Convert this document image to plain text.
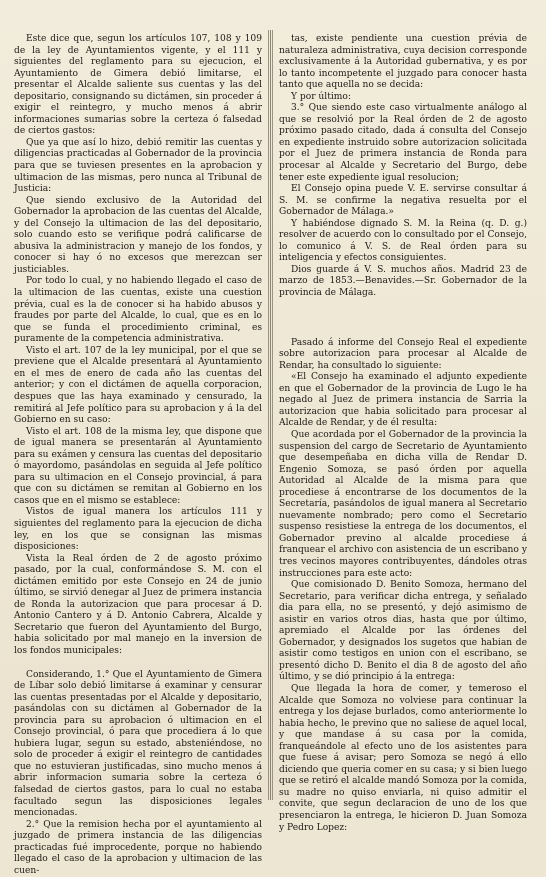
Este dice que, segun los artículos 107, 108 y 109 de la ley de Ayuntamientos vigente, y el 111 y siguientes del reglamento para su ejecucion, el Ayuntamiento de Gimera debió limitarse, el presentar el Alcalde saliente sus cuentas y las del depositario, consignando su dictámen, sin proceder á exigir el reintegro, y mucho menos á abrir informaciones sumarias sobre la certeza ó falsedad de ciertos gastos:

Que ya que así lo hizo, debió remitir las cuentas y diligencias practicadas al Gobernador de la provincia para que se tuviesen presentes en la aprobacion y ultimacion de las mismas, pero nunca al Tribunal de Justicia:

Que siendo exclusivo de la Autoridad del Gobernador la aprobacion de las cuentas del Alcalde, y del Consejo la ultimacion de las del depositario, solo cuando esto se verifique podrá calificarse de abusiva la administracion y manejo de los fondos, y conocer si hay ó no excesos que merezcan ser justiciables.

Por todo lo cual, y no habiendo llegado el caso de la ultimacion de las cuentas, existe una cuestion prévia, cual es la de conocer si ha habido abusos y fraudes por parte del Alcalde, lo cual, que es en lo que se funda el procedimiento criminal, es puramente de la competencia administrativa.

Visto el art. 107 de la ley municipal, por el que se previene que el Alcalde presentará al Ayuntamiento en el mes de enero de cada año las cuentas del anterior; y con el dictámen de aquella corporacion, despues que las haya examinado y censurado, la remitirá al Jefe político para su aprobacion y á la del Gobierno en su caso:

Visto el art. 108 de la misma ley, que dispone que de igual manera se presentarán al Ayuntamiento para su exámen y censura las cuentas del depositario ó mayordomo, pasándolas en seguida al Jefe político para su ultimacion en el Consejo provincial, á para que con su dictámen se remitan al Gobierno en los casos que en el mismo se establece:

Vistos de igual manera los artículos 111 y siguientes del reglamento para la ejecucion de dicha ley, en los que se consignan las mismas disposiciones:

Vista la Real órden de 2 de agosto próximo pasado, por la cual, conformándose S. M. con el dictámen emitido por este Consejo en 24 de junio último, se sirvió denegar al Juez de primera instancia de Ronda la autorizacion que para procesar á D. Antonio Cantero y á D. Antonio Cabrera, Alcalde y Secretario que fueron del Ayuntamiento del Burgo, habia solicitado por mal manejo en la inversion de los fondos municipales:

Considerando, 1.° Que el Ayuntamiento de Gimera de Líbar solo debió limitarse á examinar y censurar las cuentas presentadas por el Alcalde y depositario, pasándolas con su dictámen al Gobernador de la provincia para su aprobacion ó ultimacion en el Consejo provincial, ó para que procediera á lo que hubiera lugar, segun su estado, absteniéndose, no solo de proceder á exigir el reintegro de cantidades que no estuvieran justificadas, sino mucho menos á abrir informacion sumaria sobre la certeza ó falsedad de ciertos gastos, para lo cual no estaba facultado segun las disposiciones legales mencionadas.

2.° Que la remision hecha por el ayuntamiento al juzgado de primera instancia de las diligencias practicadas fué improcedente, porque no habiendo llegado el caso de la aprobacion y ultimacion de las cuen-

tas, existe pendiente una cuestion prévia de naturaleza administrativa, cuya decision corresponde exclusivamente á la Autoridad gubernativa, y es por lo tanto incompetente el juzgado para conocer hasta tanto que aquella no se decida:

Y por último:

3.° Que siendo este caso virtualmente análogo al que se resolvió por la Real órden de 2 de agosto próximo pasado citado, dada á consulta del Consejo en expediente instruido sobre autorizacion solicitada por el Juez de primera instancia de Ronda para procesar al Alcalde y Secretario del Burgo, debe tener este expediente igual resolucion;

El Consejo opina puede V. E. servirse consultar á S. M. se confirme la negativa resuelta por el Gobernador de Málaga.»

Y habiéndose dignado S. M. la Reina (q. D. g.) resolver de acuerdo con lo consultado por el Consejo, lo comunico á V. S. de Real órden para su inteligencia y efectos consiguientes.

Dios guarde á V. S. muchos años. Madrid 23 de marzo de 1853.—Benavides.—Sr. Gobernador de la provincia de Málaga.

Pasado á informe del Consejo Real el expediente sobre autorizacion para procesar al Alcalde de Rendar, ha consultado lo siguiente:

«El Consejo ha examinado el adjunto expediente en que el Gobernador de la provincia de Lugo le ha negado al Juez de primera instancia de Sarria la autorizacion que habia solicitado para procesar al Alcalde de Rendar, y de él resulta:

Que acordada por el Gobernador de la provincia la suspension del cargo de Secretario de Ayuntamiento que desempeñaba en dicha villa de Rendar D. Engenio Somoza, se pasó órden por aquella Autoridad al Alcalde de la misma para que procediese á encontrarse de los documentos de la Secretaría, pasándolos de igual manera al Secretario nuevamente nombrado; pero como el Secretario suspenso resistiese la entrega de los documentos, el Gobernador previno al alcalde procediese á franquear el archivo con asistencia de un escribano y tres vecinos mayores contribuyentes, dándoles otras instrucciones para este acto:

Que comisionado D. Benito Somoza, hermano del Secretario, para verificar dicha entrega, y señalado dia para ella, no se presentó, y dejó asimismo de asistir en varios otros dias, hasta que por último, apremiado el Alcalde por las órdenes del Gobernador, y designados los sugetos que habian de asistir como testigos en union con el escribano, se presentó dicho D. Benito el dia 8 de agosto del año último, y se dió principio á la entrega:

Que llegada la hora de comer, y temeroso el Alcalde que Somoza no volviese para continuar la entrega y los dejase burlados, como anteriormente lo habia hecho, le previno que no saliese de aquel local, y que mandase á su casa por la comida, franqueándole al efecto uno de los asistentes para que fuese á avisar; pero Somoza se negó á ello diciendo que queria comer en su casa; y si bien luego que se retiró el alcalde mandó Somoza por la comida, su madre no quiso enviarla, ni quiso admitir el convite, que segun declaracion de uno de los que presenciaron la entrega, le hicieron D. Juan Somoza y Pedro Lopez:
